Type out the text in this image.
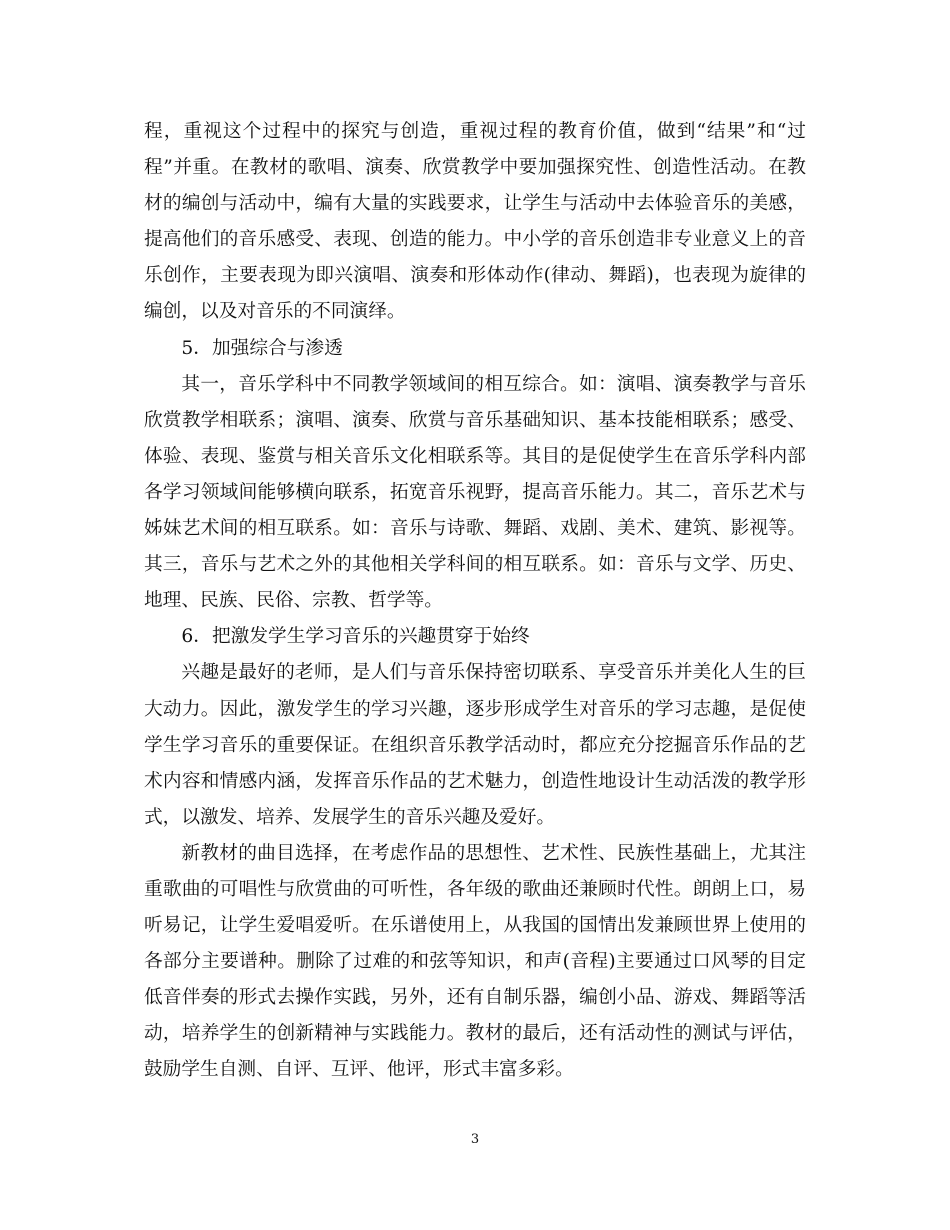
程，重视这个过程中的探究与创造，重视过程的教育价值，做到“结果”和“过程”并重。在教材的歌唱、演奏、欣赏教学中要加强探究性、创造性活动。在教材的编创与活动中，编有大量的实践要求，让学生与活动中去体验音乐的美感，提高他们的音乐感受、表现、创造的能力。中小学的音乐创造非专业意义上的音乐创作，主要表现为即兴演唱、演奏和形体动作(律动、舞蹈)，也表现为旋律的编创，以及对音乐的不同演绎。

5．加强综合与渗透

其一，音乐学科中不同教学领域间的相互综合。如：演唱、演奏教学与音乐欣赏教学相联系；演唱、演奏、欣赏与音乐基础知识、基本技能相联系；感受、体验、表现、鉴赏与相关音乐文化相联系等。其目的是促使学生在音乐学科内部各学习领域间能够横向联系，拓宽音乐视野，提高音乐能力。其二，音乐艺术与姊妹艺术间的相互联系。如：音乐与诗歌、舞蹈、戏剧、美术、建筑、影视等。其三，音乐与艺术之外的其他相关学科间的相互联系。如：音乐与文学、历史、地理、民族、民俗、宗教、哲学等。

6．把激发学生学习音乐的兴趣贯穿于始终

兴趣是最好的老师，是人们与音乐保持密切联系、享受音乐并美化人生的巨大动力。因此，激发学生的学习兴趣，逐步形成学生对音乐的学习志趣，是促使学生学习音乐的重要保证。在组织音乐教学活动时，都应充分挖掘音乐作品的艺术内容和情感内涵，发挥音乐作品的艺术魅力，创造性地设计生动活泼的教学形式，以激发、培养、发展学生的音乐兴趣及爱好。

新教材的曲目选择，在考虑作品的思想性、艺术性、民族性基础上，尤其注重歌曲的可唱性与欣赏曲的可听性，各年级的歌曲还兼顾时代性。朗朗上口，易听易记，让学生爱唱爱听。在乐谱使用上，从我国的国情出发兼顾世界上使用的各部分主要谱种。删除了过难的和弦等知识，和声(音程)主要通过口风琴的目定低音伴奏的形式去操作实践，另外，还有自制乐器，编创小品、游戏、舞蹈等活动，培养学生的创新精神与实践能力。教材的最后，还有活动性的测试与评估，鼓励学生自测、自评、互评、他评，形式丰富多彩。

3
